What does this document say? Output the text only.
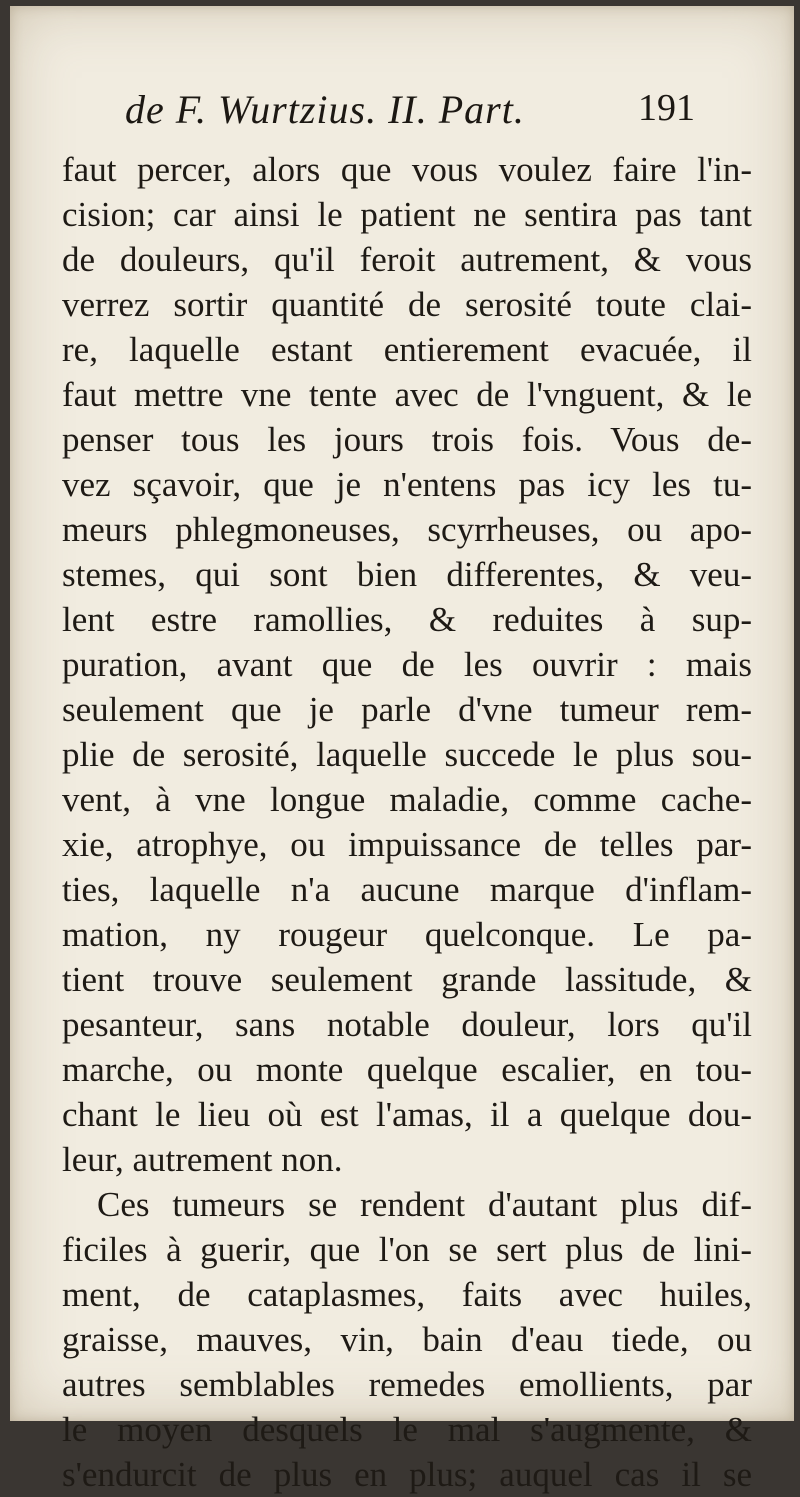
de F. Wurtzius. II. Part.	191
faut percer, alors que vous voulez faire l'in-
cision; car ainsi le patient ne sentira pas tant
de douleurs, qu'il feroit autrement, & vous
verrez sortir quantité de serosité toute clai-
re, laquelle estant entierement evacuée, il
faut mettre vne tente avec de l'vnguent, & le
penser tous les jours trois fois. Vous de-
vez sçavoir, que je n'entens pas icy les tu-
meurs phlegmoneuses, scyrrheuses, ou apo-
stemes, qui sont bien differentes, & veu-
lent estre ramollies, & reduites à sup-
puration, avant que de les ouvrir : mais
seulement que je parle d'vne tumeur rem-
plie de serosité, laquelle succede le plus sou-
vent, à vne longue maladie, comme cache-
xie, atrophye, ou impuissance de telles par-
ties, laquelle n'a aucune marque d'inflam-
mation, ny rougeur quelconque. Le pa-
tient trouve seulement grande lassitude, &
pesanteur, sans notable douleur, lors qu'il
marche, ou monte quelque escalier, en tou-
chant le lieu où est l'amas, il a quelque dou-
leur, autrement non.
Ces tumeurs se rendent d'autant plus dif-
ficiles à guerir, que l'on se sert plus de lini-
ment, de cataplasmes, faits avec huiles,
graisse, mauves, vin, bain d'eau tiede, ou
autres semblables remedes emollients, par
le moyen desquels le mal s'augmente, &
s'endurcit de plus en plus; auquel cas il se
